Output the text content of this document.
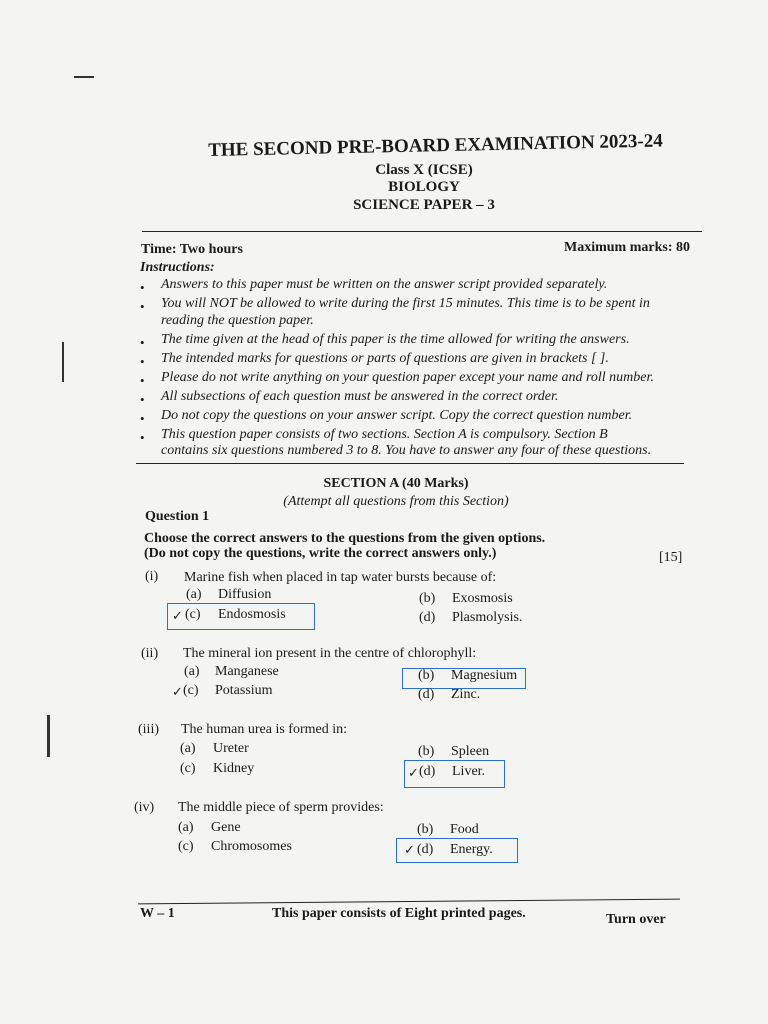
THE SECOND PRE-BOARD EXAMINATION 2023-24
Class X (ICSE)
BIOLOGY
SCIENCE PAPER – 3
Time: Two hours	Maximum marks: 80
Instructions:
• Answers to this paper must be written on the answer script provided separately.
• You will NOT be allowed to write during the first 15 minutes. This time is to be spent in
reading the question paper.
• The time given at the head of this paper is the time allowed for writing the answers.
• The intended marks for questions or parts of questions are given in brackets [ ].
• Please do not write anything on your question paper except your name and roll number.
• All subsections of each question must be answered in the correct order.
• Do not copy the questions on your answer script. Copy the correct question number.
• This question paper consists of two sections. Section A is compulsory. Section B
contains six questions numbered 3 to 8. You have to answer any four of these questions.
SECTION A (40 Marks)
(Attempt all questions from this Section)
Question 1
Choose the correct answers to the questions from the given options.
(Do not copy the questions, write the correct answers only.)	[15]
(i) Marine fish when placed in tap water bursts because of:
(a) Diffusion	(b) Exosmosis
✓ (c) Endosmosis	(d) Plasmolysis.
(ii) The mineral ion present in the centre of chlorophyll:
(a) Manganese	(b) Magnesium
✓ (c) Potassium	(d) Zinc.
(iii) The human urea is formed in:
(a) Ureter	(b) Spleen
(c) Kidney	✓ (d) Liver.
(iv) The middle piece of sperm provides:
(a) Gene	(b) Food
(c) Chromosomes	✓ (d) Energy.
W – 1	This paper consists of Eight printed pages.	Turn over
